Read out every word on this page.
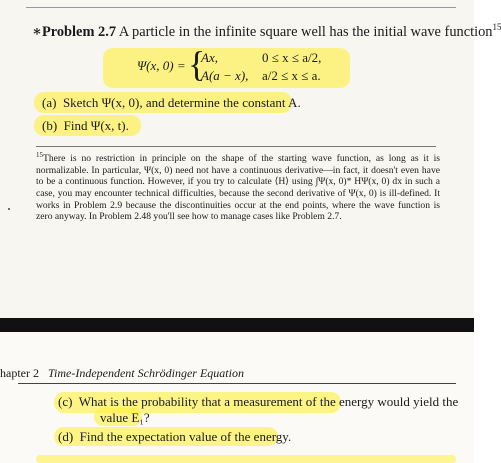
∗Problem 2.7 A particle in the infinite square well has the initial wave function$^{15}$
Ψ(x, 0) = {
Ax,	0 ≤ x ≤ a/2,
A(a − x), a/2 ≤ x ≤ a.
(a) Sketch Ψ(x, 0), and determine the constant A.
(b) Find Ψ(x, t).
$^{15}$There is no restriction in principle on the shape of the starting wave function, as long as it is normalizable. In particular, Ψ(x, 0) need not have a continuous derivative—in fact, it doesn't even have to be a continuous function. However, if you try to calculate ⟨H⟩ using ∫Ψ(x, 0)* HΨ(x, 0) dx in such a case, you may encounter technical difficulties, because the second derivative of Ψ(x, 0) is ill-defined. It works in Problem 2.9 because the discontinuities occur at the end points, where the wave function is zero anyway. In Problem 2.48 you'll see how to manage cases like Problem 2.7.
hapter 2 Time-Independent Schrödinger Equation
(c) What is the probability that a measurement of the energy would yield the
value E₁?
(d) Find the expectation value of the energy.
